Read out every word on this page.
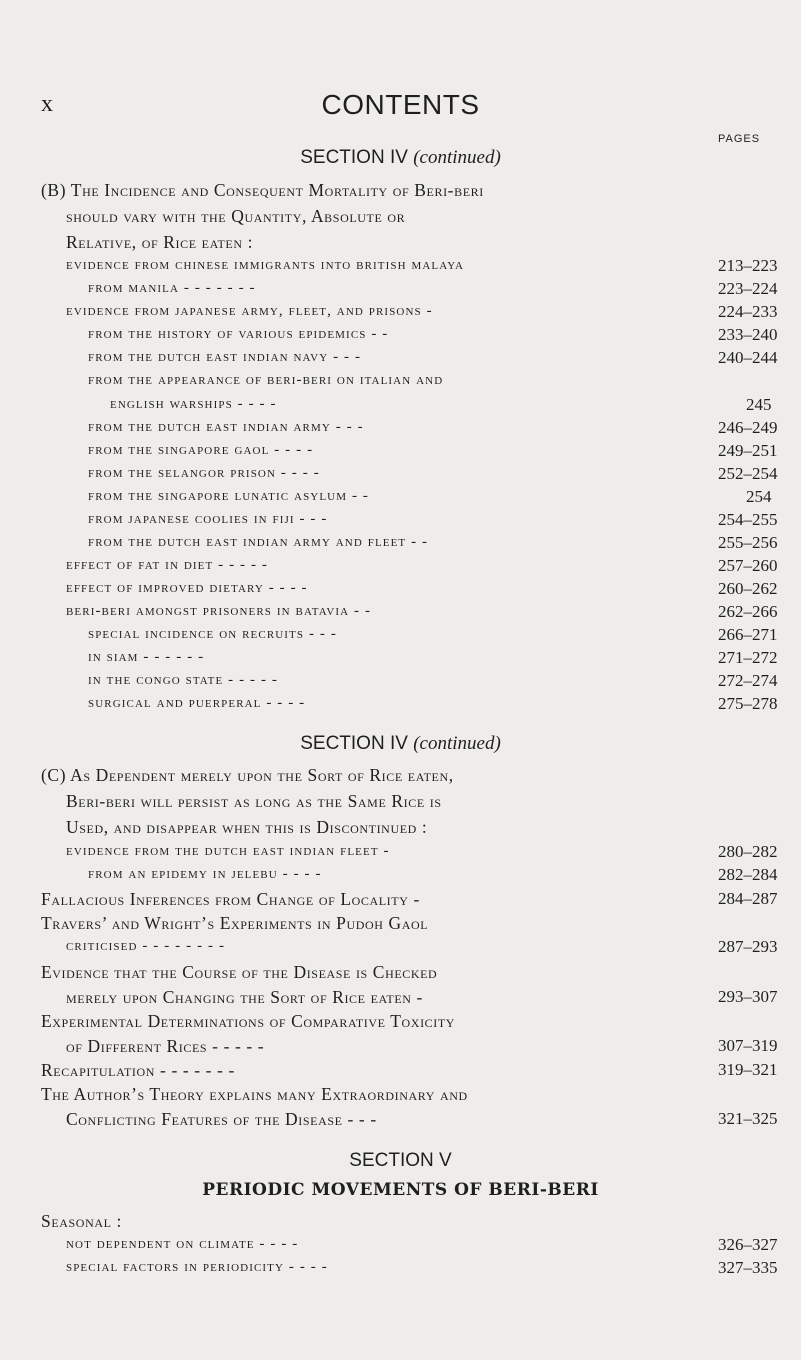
x	CONTENTS
PAGES
SECTION IV (continued)
(B) The Incidence and Consequent Mortality of Beri-beri
should vary with the Quantity, Absolute or
Relative, of Rice eaten :
evidence from chinese immigrants into british malaya	213–223
from manila - - - - - - -	223–224
evidence from japanese army, fleet, and prisons -	224–233
from the history of various epidemics - -	233–240
from the dutch east indian navy - - -	240–244
from the appearance of beri-beri on italian and
english warships - - - -	245
from the dutch east indian army - - -	246–249
from the singapore gaol - - - -	249–251
from the selangor prison - - - -	252–254
from the singapore lunatic asylum - -	254
from japanese coolies in fiji - - -	254–255
from the dutch east indian army and fleet - -	255–256
effect of fat in diet - - - - -	257–260
effect of improved dietary - - - -	260–262
beri-beri amongst prisoners in batavia - -	262–266
special incidence on recruits - - -	266–271
in siam - - - - - -	271–272
in the congo state - - - - -	272–274
surgical and puerperal - - - -	275–278
SECTION IV (continued)
(C) As Dependent merely upon the Sort of Rice eaten,
Beri-beri will persist as long as the Same Rice is
Used, and disappear when this is Discontinued :
evidence from the dutch east indian fleet -	280–282
from an epidemy in jelebu - - - -	282–284
Fallacious Inferences from Change of Locality -	284–287
Travers’ and Wright’s Experiments in Pudoh Gaol
criticised - - - - - - - -	287–293
Evidence that the Course of the Disease is Checked
merely upon Changing the Sort of Rice eaten -	293–307
Experimental Determinations of Comparative Toxicity
of Different Rices - - - - -	307–319
Recapitulation - - - - - - -	319–321
The Author’s Theory explains many Extraordinary and
Conflicting Features of the Disease - - -	321–325
SECTION V
PERIODIC MOVEMENTS OF BERI-BERI
Seasonal :
not dependent on climate - - - -	326–327
special factors in periodicity - - - -	327–335
